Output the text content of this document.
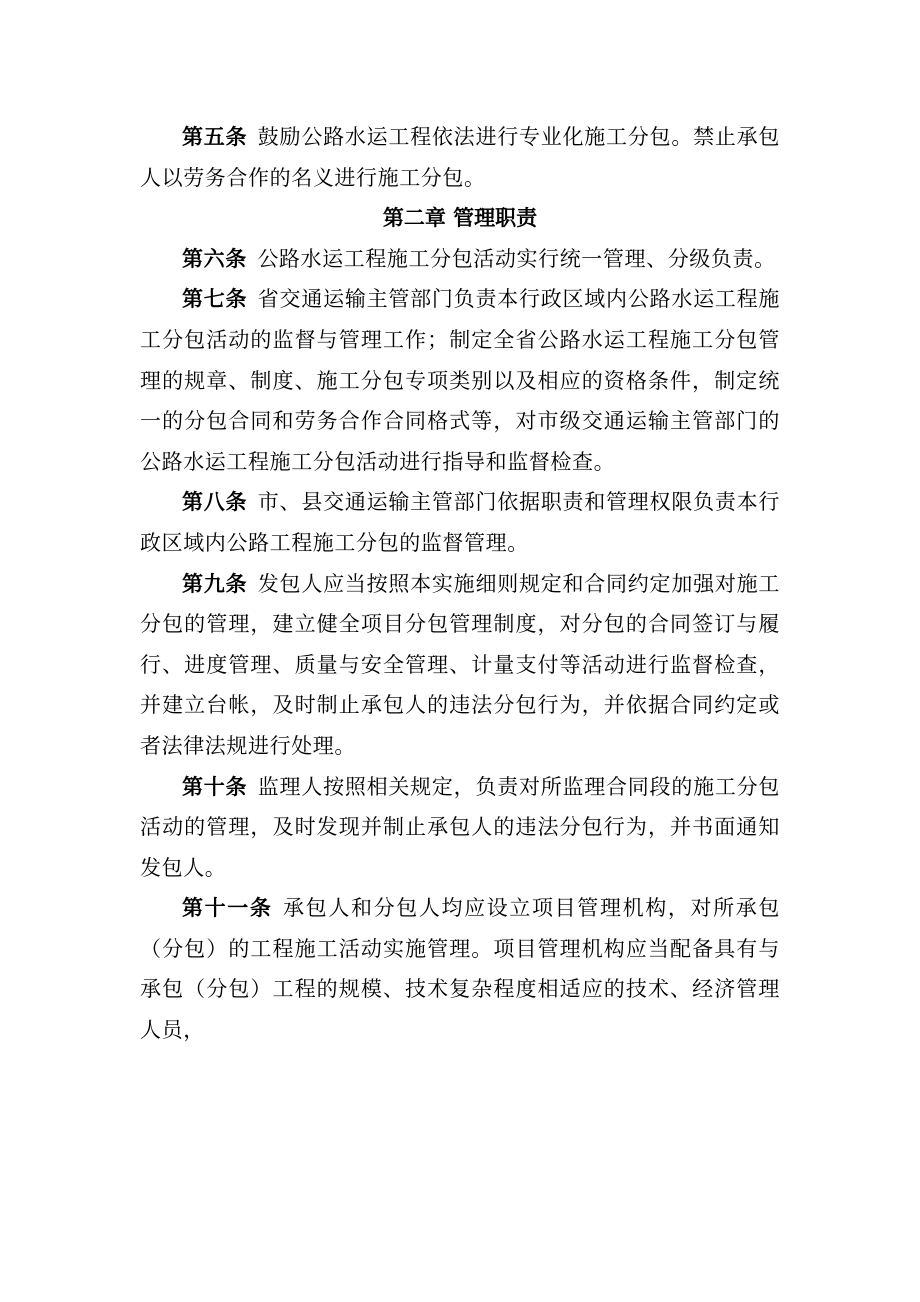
第五条 鼓励公路水运工程依法进行专业化施工分包。禁止承包人以劳务合作的名义进行施工分包。

第二章 管理职责

第六条 公路水运工程施工分包活动实行统一管理、分级负责。

第七条 省交通运输主管部门负责本行政区域内公路水运工程施工分包活动的监督与管理工作；制定全省公路水运工程施工分包管理的规章、制度、施工分包专项类别以及相应的资格条件，制定统一的分包合同和劳务合作合同格式等，对市级交通运输主管部门的公路水运工程施工分包活动进行指导和监督检查。

第八条 市、县交通运输主管部门依据职责和管理权限负责本行政区域内公路工程施工分包的监督管理。

第九条 发包人应当按照本实施细则规定和合同约定加强对施工分包的管理，建立健全项目分包管理制度，对分包的合同签订与履行、进度管理、质量与安全管理、计量支付等活动进行监督检查，并建立台帐，及时制止承包人的违法分包行为，并依据合同约定或者法律法规进行处理。

第十条 监理人按照相关规定，负责对所监理合同段的施工分包活动的管理，及时发现并制止承包人的违法分包行为，并书面通知发包人。

第十一条 承包人和分包人均应设立项目管理机构，对所承包（分包）的工程施工活动实施管理。项目管理机构应当配备具有与承包（分包）工程的规模、技术复杂程度相适应的技术、经济管理人员，
